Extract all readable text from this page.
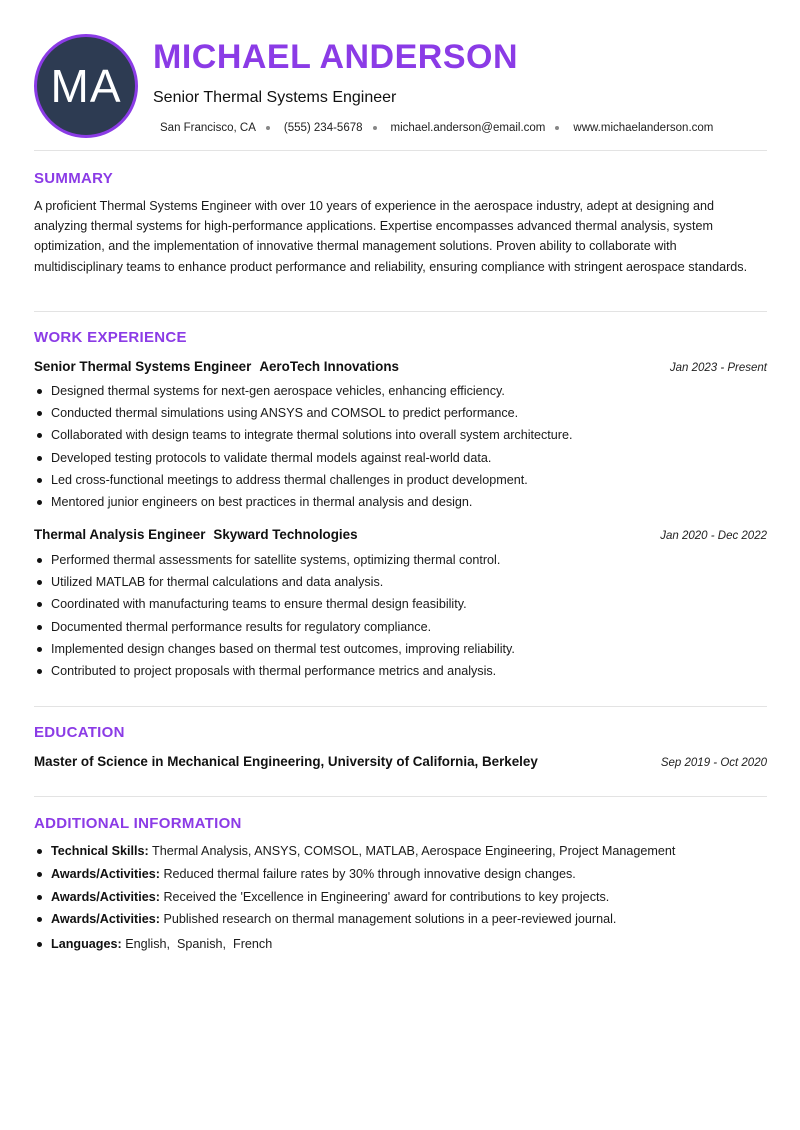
MA
MICHAEL ANDERSON
Senior Thermal Systems Engineer
San Francisco, CA (555) 234-5678 michael.anderson@email.com www.michaelanderson.com
SUMMARY

A proficient Thermal Systems Engineer with over 10 years of experience in the aerospace industry, adept at designing and analyzing thermal systems for high-performance applications. Expertise encompasses advanced thermal analysis, system optimization, and the implementation of innovative thermal management solutions. Proven ability to collaborate with multidisciplinary teams to enhance product performance and reliability, ensuring compliance with stringent aerospace standards.

WORK EXPERIENCE
Senior Thermal Systems Engineer AeroTech Innovations	Jan 2023 - Present
Designed thermal systems for next-gen aerospace vehicles, enhancing efficiency.
Conducted thermal simulations using ANSYS and COMSOL to predict performance.
Collaborated with design teams to integrate thermal solutions into overall system architecture.
Developed testing protocols to validate thermal models against real-world data.
Led cross-functional meetings to address thermal challenges in product development.
Mentored junior engineers on best practices in thermal analysis and design.
Thermal Analysis Engineer Skyward Technologies	Jan 2020 - Dec 2022
Performed thermal assessments for satellite systems, optimizing thermal control.
Utilized MATLAB for thermal calculations and data analysis.
Coordinated with manufacturing teams to ensure thermal design feasibility.
Documented thermal performance results for regulatory compliance.
Implemented design changes based on thermal test outcomes, improving reliability.
Contributed to project proposals with thermal performance metrics and analysis.
EDUCATION
Master of Science in Mechanical Engineering, University of California, Berkeley	Sep 2019 - Oct 2020
ADDITIONAL INFORMATION
Technical Skills: Thermal Analysis, ANSYS, COMSOL, MATLAB, Aerospace Engineering, Project Management
Awards/Activities: Reduced thermal failure rates by 30% through innovative design changes.
Awards/Activities: Received the 'Excellence in Engineering' award for contributions to key projects.
Awards/Activities: Published research on thermal management solutions in a peer-reviewed journal.
Languages: English,  Spanish,  French
